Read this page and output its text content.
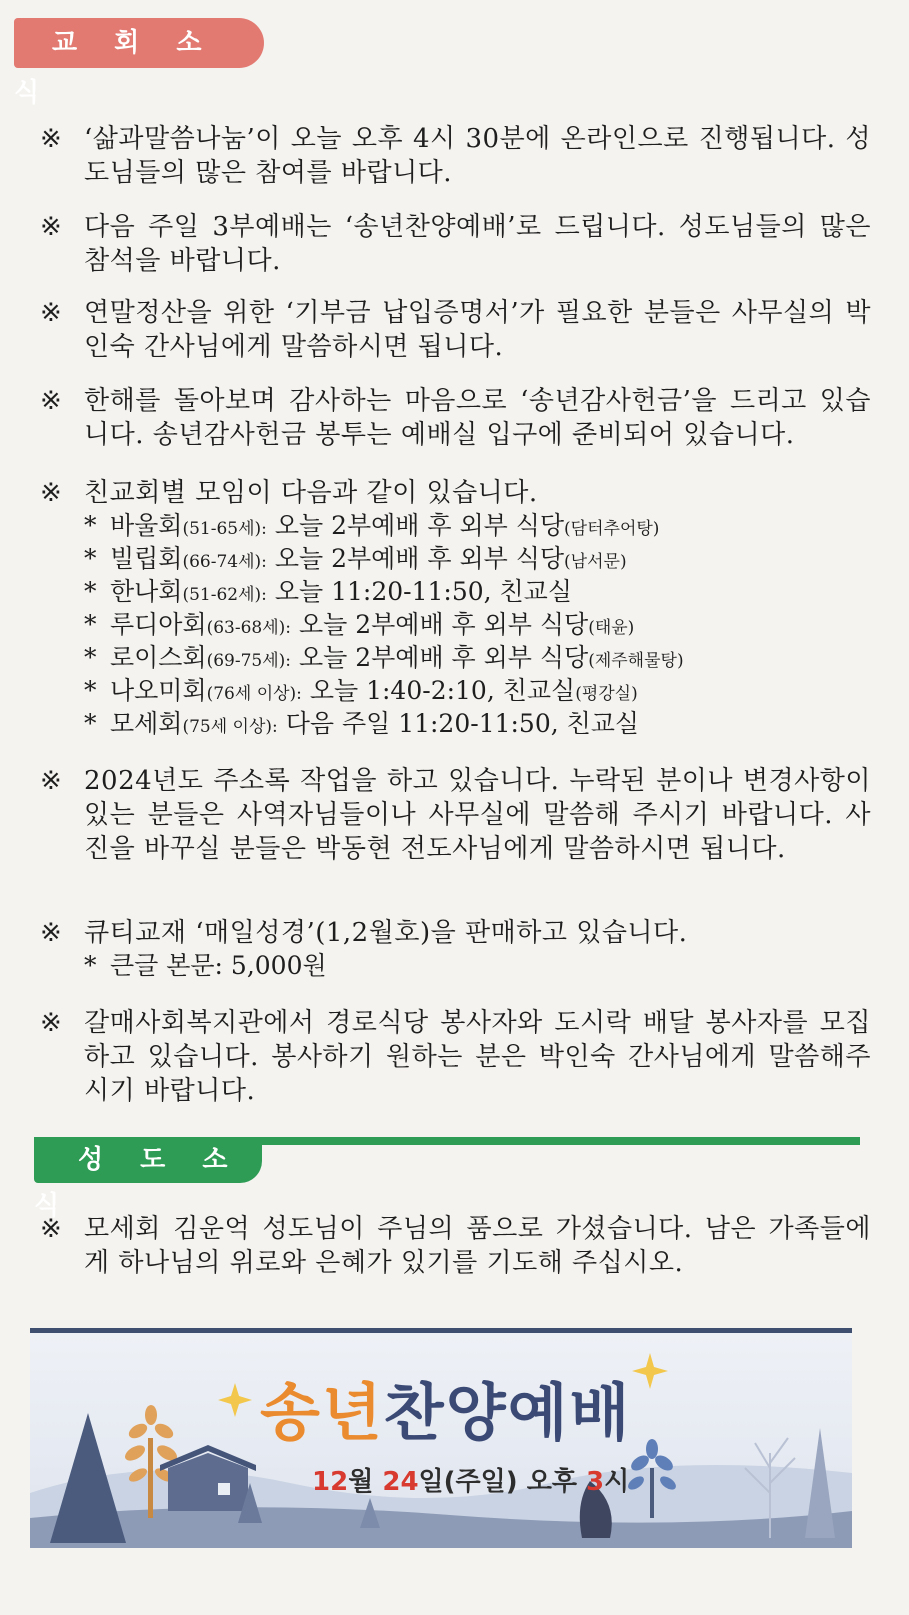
교 회 소 식
※ ‘삶과말씀나눔’이 오늘 오후 4시 30분에 온라인으로 진행됩니다. 성도님들의 많은 참여를 바랍니다.
※ 다음 주일 3부예배는 ‘송년찬양예배’로 드립니다. 성도님들의 많은 참석을 바랍니다.
※ 연말정산을 위한 ‘기부금 납입증명서’가 필요한 분들은 사무실의 박인숙 간사님에게 말씀하시면 됩니다.
※ 한해를 돌아보며 감사하는 마음으로 ‘송년감사헌금’을 드리고 있습니다. 송년감사헌금 봉투는 예배실 입구에 준비되어 있습니다.
※ 친교회별 모임이 다음과 같이 있습니다.
* 바울회(51-65세): 오늘 2부예배 후 외부 식당(담터추어탕)
* 빌립회(66-74세): 오늘 2부예배 후 외부 식당(남서문)
* 한나회(51-62세): 오늘 11:20-11:50, 친교실
* 루디아회(63-68세): 오늘 2부예배 후 외부 식당(태윤)
* 로이스회(69-75세): 오늘 2부예배 후 외부 식당(제주해물탕)
* 나오미회(76세 이상): 오늘 1:40-2:10, 친교실(평강실)
* 모세회(75세 이상): 다음 주일 11:20-11:50, 친교실
※ 2024년도 주소록 작업을 하고 있습니다. 누락된 분이나 변경사항이 있는 분들은 사역자님들이나 사무실에 말씀해 주시기 바랍니다. 사진을 바꾸실 분들은 박동현 전도사님에게 말씀하시면 됩니다.
※ 큐티교재 ‘매일성경’(1,2월호)을 판매하고 있습니다.
* 큰글 본문: 5,000원
※ 갈매사회복지관에서 경로식당 봉사자와 도시락 배달 봉사자를 모집하고 있습니다. 봉사하기 원하는 분은 박인숙 간사님에게 말씀해주시기 바랍니다.
성 도 소 식
※ 모세회 김운억 성도님이 주님의 품으로 가셨습니다. 남은 가족들에게 하나님의 위로와 은혜가 있기를 기도해 주십시오.
송년찬양예배
12월 24일(주일) 오후 3시
